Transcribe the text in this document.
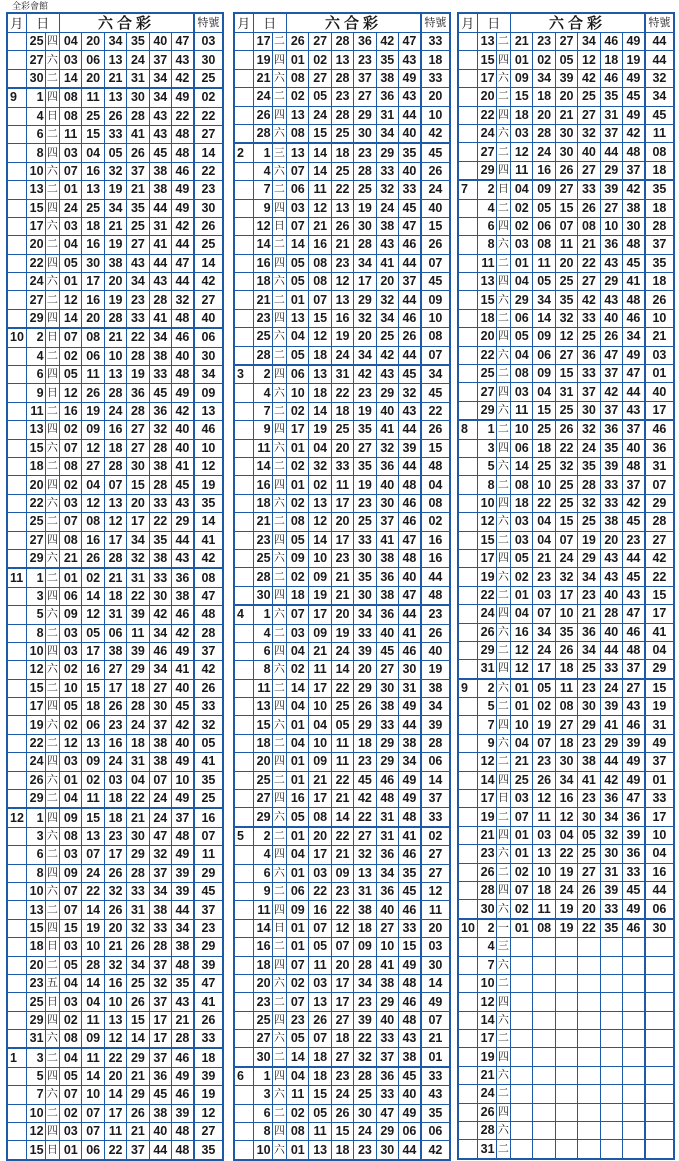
全彩會館
月	日		六合彩						特號
	25	四	04	20	34	35	40	47	03
	27	六	03	06	13	24	37	43	30
	30	二	14	20	21	31	34	42	25
9	1	四	08	11	13	30	34	49	02
	4	日	08	25	26	28	43	22	22
	6	二	11	15	33	41	43	48	27
	8	四	03	04	05	26	45	48	14
	10	六	07	16	32	37	38	46	22
	13	二	01	13	19	21	38	49	23
	15	四	24	25	34	35	44	49	30
	17	六	03	18	21	25	31	42	26
	20	二	04	16	19	27	41	44	25
	22	四	05	30	38	43	44	47	14
	24	六	01	17	20	34	43	44	42
	27	二	12	16	19	23	28	32	27
	29	四	14	20	28	33	41	48	40
10	2	日	07	08	21	22	34	46	06
	4	二	02	06	10	28	38	40	30
	6	四	05	11	13	19	33	48	34
	9	日	12	26	28	36	45	49	09
	11	二	16	19	24	28	36	42	13
	13	四	02	09	16	27	32	40	46
	15	六	07	12	18	27	28	40	10
	18	二	08	27	28	30	38	41	12
	20	四	02	04	07	15	28	45	19
	22	六	03	12	13	20	33	43	35
	25	二	07	08	12	17	22	29	14
	27	四	08	16	17	34	35	44	41
	29	六	21	26	28	32	38	43	42
11	1	二	01	02	21	31	33	36	08
	3	四	06	14	18	22	30	38	47
	5	六	09	12	31	39	42	46	48
	8	二	03	05	06	11	34	42	28
	10	四	03	17	38	39	46	49	37
	12	六	02	16	27	29	34	41	42
	15	二	10	15	17	18	27	40	26
	17	四	05	18	26	28	30	45	33
	19	六	02	06	23	24	37	42	32
	22	二	12	13	16	18	38	40	05
	24	四	03	09	24	31	38	49	41
	26	六	01	02	03	04	07	10	35
	29	二	04	11	18	22	24	49	25
12	1	四	09	15	18	21	24	37	16
	3	六	08	13	23	30	47	48	07
	6	二	03	07	17	29	32	49	11
	8	四	09	24	26	28	37	39	29
	10	六	07	22	32	33	34	39	45
	13	二	07	14	26	31	38	44	37
	15	四	15	19	20	32	33	34	23
	18	日	03	10	21	26	28	38	29
	20	二	05	28	32	34	37	48	39
	23	五	04	14	16	25	32	35	47
	25	日	03	04	10	26	37	43	41
	29	四	02	11	13	15	17	21	26
	31	六	08	09	12	14	17	28	33
1	3	二	04	11	22	29	37	46	18
	5	四	05	14	20	21	36	49	39
	7	六	07	10	14	29	45	46	19
	10	二	02	07	17	26	38	39	12
	12	四	03	07	11	21	40	48	27
	15	日	01	06	22	37	44	48	35
月	日		六合彩						特號
	17	二	26	27	28	36	42	47	33
	19	四	01	02	13	23	35	43	18
	21	六	08	27	28	37	38	49	33
	24	二	02	05	23	27	36	43	20
	26	四	13	24	28	29	31	44	10
	28	六	08	15	25	30	34	40	42
2	1	三	13	14	18	23	29	35	45
	4	六	07	14	25	28	33	40	26
	7	二	06	11	22	25	32	33	24
	9	四	03	12	13	19	24	45	40
	12	日	07	21	26	30	38	47	15
	14	二	14	16	21	28	43	46	26
	16	四	05	08	23	34	41	44	07
	18	六	05	08	12	17	20	37	45
	21	二	01	07	13	29	32	44	09
	23	四	13	15	16	32	34	46	10
	25	六	04	12	19	20	25	26	08
	28	二	05	18	24	34	42	44	07
3	2	四	06	13	31	42	43	45	34
	4	六	10	18	22	23	29	32	45
	7	二	02	14	18	19	40	43	22
	9	四	17	19	25	35	41	44	26
	11	六	01	04	20	27	32	39	15
	14	二	02	32	33	35	36	44	48
	16	四	01	02	11	19	40	48	04
	18	六	02	13	17	23	30	46	08
	21	二	08	12	20	25	37	46	02
	23	四	05	14	17	33	41	47	16
	25	六	09	10	23	30	38	48	16
	28	二	02	09	21	35	36	40	44
	30	四	18	19	21	30	38	47	48
4	1	六	07	17	20	34	36	44	23
	4	二	03	09	19	33	40	41	26
	6	四	04	21	24	39	45	46	40
	8	六	02	11	14	20	27	30	19
	11	二	14	17	22	29	30	31	38
	13	四	04	10	25	26	38	49	34
	15	六	01	04	05	29	33	44	39
	18	二	04	10	11	18	29	38	28
	20	四	01	09	11	23	29	34	06
	25	二	01	21	22	45	46	49	14
	27	四	16	17	21	42	48	49	37
	29	六	05	08	14	22	31	48	33
5	2	二	01	20	22	27	31	41	02
	4	四	04	17	21	32	36	46	27
	6	六	01	03	09	13	34	35	27
	9	二	06	22	23	31	36	45	12
	11	四	09	16	22	38	40	46	11
	14	日	01	07	12	18	27	33	20
	16	二	01	05	07	09	10	15	03
	18	四	07	11	20	28	41	49	30
	20	六	02	03	17	34	38	48	14
	23	二	07	13	17	23	29	46	49
	25	四	23	26	27	39	40	48	07
	27	六	05	07	18	22	33	43	21
	30	二	14	18	27	32	37	38	01
6	1	四	04	18	23	28	36	45	33
	3	六	11	15	24	25	33	40	43
	6	二	02	05	26	30	47	49	35
	8	四	08	11	15	24	29	06	06
	10	六	01	13	18	23	30	44	42
月	日		六合彩						特號
	13	二	21	23	27	34	46	49	44
	15	四	01	02	05	12	18	19	44
	17	六	09	34	39	42	46	49	32
	20	二	15	18	20	25	35	45	34
	22	四	18	20	21	27	31	49	45
	24	六	03	28	30	32	37	42	11
	27	二	12	24	30	40	44	48	08
	29	四	11	16	26	27	29	37	18
7	2	日	04	09	27	33	39	42	35
	4	二	02	05	15	26	27	38	18
	6	四	02	06	07	08	10	30	28
	8	六	03	08	11	21	36	48	37
	11	二	01	11	20	22	43	45	35
	13	四	04	05	25	27	29	41	18
	15	六	29	34	35	42	43	48	26
	18	二	06	14	32	33	40	46	10
	20	四	05	09	12	25	26	34	21
	22	六	04	06	27	36	47	49	03
	25	二	08	09	15	33	37	47	01
	27	四	03	04	31	37	42	44	40
	29	六	11	15	25	30	37	43	17
8	1	二	10	25	26	32	36	37	46
	3	四	06	18	22	24	35	40	36
	5	六	14	25	32	35	39	48	31
	8	二	08	10	25	28	33	37	07
	10	四	18	22	25	32	33	42	29
	12	六	03	04	15	25	38	45	28
	15	二	03	04	07	19	20	23	27
	17	四	05	21	24	29	43	44	42
	19	六	02	23	32	34	43	45	22
	22	二	01	03	17	23	40	43	15
	24	四	04	07	10	21	28	47	17
	26	六	16	34	35	36	40	46	41
	29	二	12	24	26	34	44	48	04
	31	四	12	17	18	25	33	37	29
9	2	六	01	05	11	23	24	27	15
	5	二	01	02	08	30	39	43	19
	7	四	10	19	27	29	41	46	31
	9	六	04	07	18	23	29	39	49
	12	二	21	23	30	38	44	49	37
	14	四	25	26	34	41	42	49	01
	17	日	03	12	16	23	36	47	33
	19	二	07	11	12	30	34	36	17
	21	四	01	03	04	05	32	39	10
	23	六	01	13	22	25	30	36	04
	26	二	02	10	19	27	31	33	16
	28	四	07	18	24	26	39	45	44
	30	六	02	11	19	20	33	49	06
10	2	一	01	08	19	22	35	46	30
	4	三							
	7	六							
	10	二							
	12	四							
	14	六							
	17	二							
	19	四							
	21	六							
	24	二							
	26	四							
	28	六							
	31	二							
